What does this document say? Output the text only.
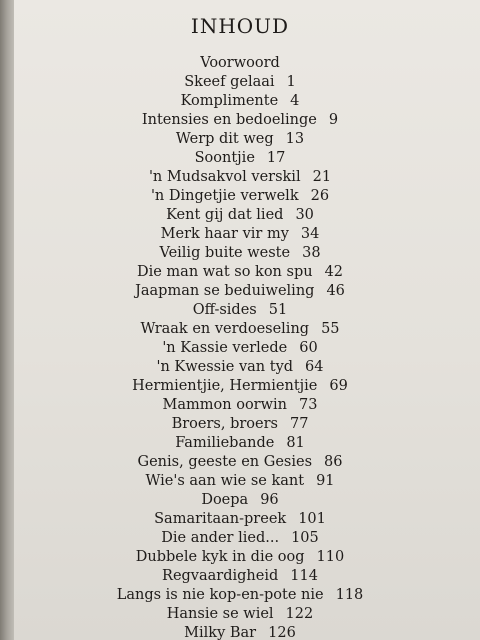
INHOUD
Voorwoord
Skeef gelaai 1
Komplimente 4
Intensies en bedoelinge 9
Werp dit weg 13
Soontjie 17
'n Mudsakvol verskil 21
'n Dingetjie verwelk 26
Kent gij dat lied 30
Merk haar vir my 34
Veilig buite weste 38
Die man wat so kon spu 42
Jaapman se beduiweling 46
Off-sides 51
Wraak en verdoeseling 55
'n Kassie verlede 60
'n Kwessie van tyd 64
Hermientjie, Hermientjie 69
Mammon oorwin 73
Broers, broers 77
Familiebande 81
Genis, geeste en Gesies 86
Wie's aan wie se kant 91
Doepa 96
Samaritaan-preek 101
Die ander lied... 105
Dubbele kyk in die oog 110
Regvaardigheid 114
Langs is nie kop-en-pote nie 118
Hansie se wiel 122
Milky Bar 126
